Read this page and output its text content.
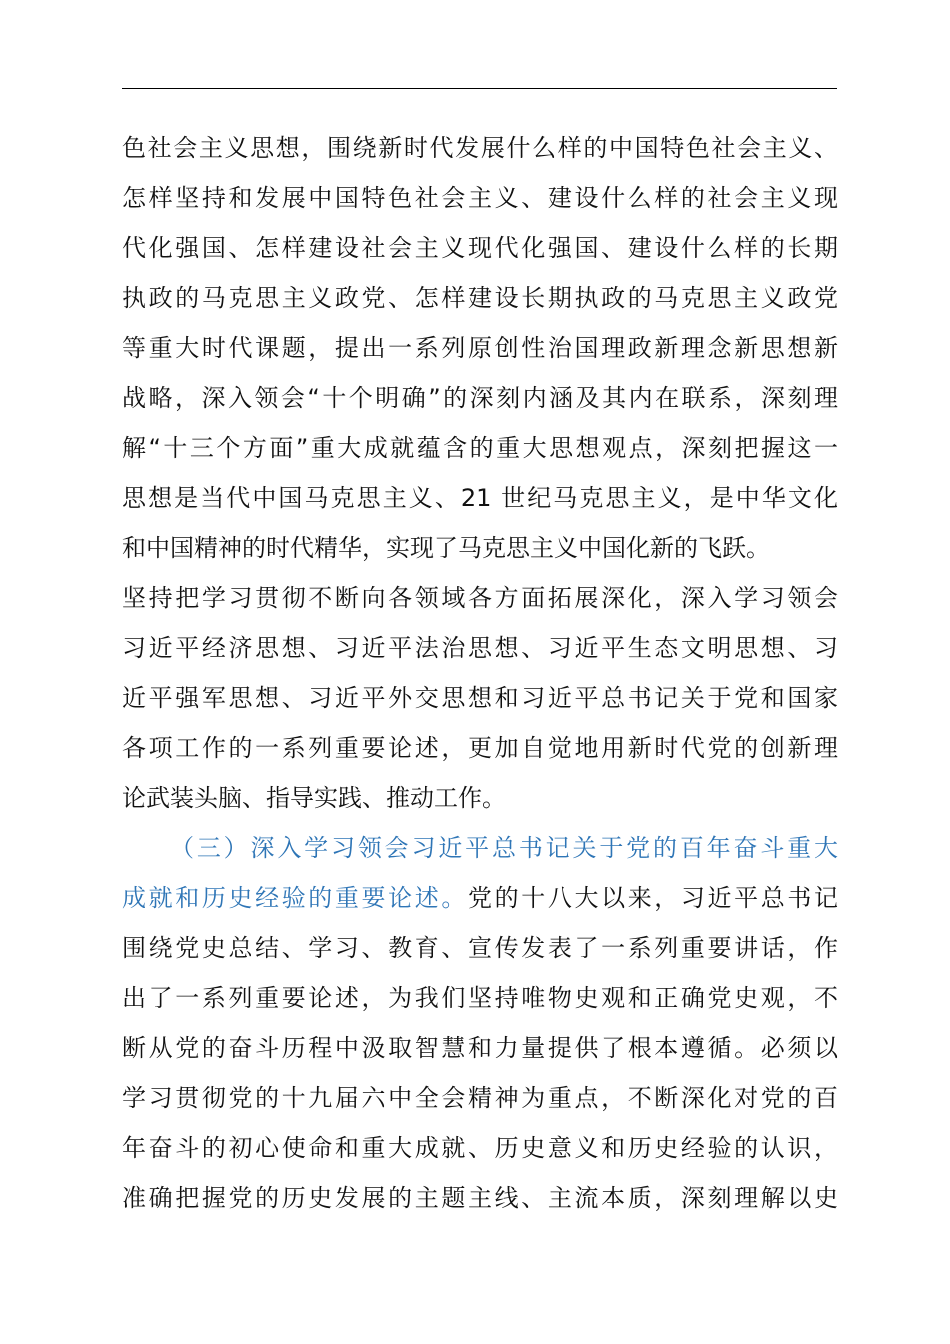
色社会主义思想，围绕新时代发展什么样的中国特色社会主义、
怎样坚持和发展中国特色社会主义、建设什么样的社会主义现
代化强国、怎样建设社会主义现代化强国、建设什么样的长期
执政的马克思主义政党、怎样建设长期执政的马克思主义政党
等重大时代课题，提出一系列原创性治国理政新理念新思想新
战略，深入领会“十个明确”的深刻内涵及其内在联系，深刻理
解“十三个方面”重大成就蕴含的重大思想观点，深刻把握这一
思想是当代中国马克思主义、21 世纪马克思主义，是中华文化
和中国精神的时代精华，实现了马克思主义中国化新的飞跃。
坚持把学习贯彻不断向各领域各方面拓展深化，深入学习领会
习近平经济思想、习近平法治思想、习近平生态文明思想、习
近平强军思想、习近平外交思想和习近平总书记关于党和国家
各项工作的一系列重要论述，更加自觉地用新时代党的创新理
论武装头脑、指导实践、推动工作。
（三）深入学习领会习近平总书记关于党的百年奋斗重大
成就和历史经验的重要论述。党的十八大以来，习近平总书记
围绕党史总结、学习、教育、宣传发表了一系列重要讲话，作
出了一系列重要论述，为我们坚持唯物史观和正确党史观，不
断从党的奋斗历程中汲取智慧和力量提供了根本遵循。必须以
学习贯彻党的十九届六中全会精神为重点，不断深化对党的百
年奋斗的初心使命和重大成就、历史意义和历史经验的认识，
准确把握党的历史发展的主题主线、主流本质，深刻理解以史
